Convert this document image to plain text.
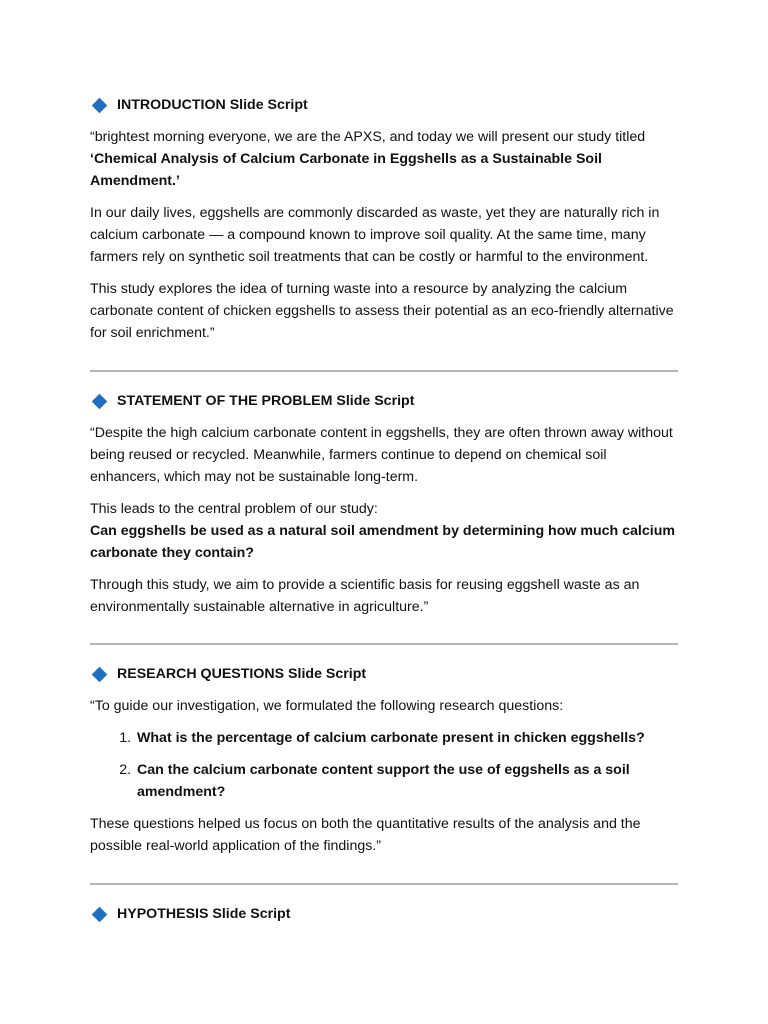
INTRODUCTION Slide Script

“brightest morning everyone, we are the APXS, and today we will present our study titled
‘Chemical Analysis of Calcium Carbonate in Eggshells as a Sustainable Soil Amendment.’

In our daily lives, eggshells are commonly discarded as waste, yet they are naturally rich in calcium carbonate — a compound known to improve soil quality. At the same time, many farmers rely on synthetic soil treatments that can be costly or harmful to the environment.

This study explores the idea of turning waste into a resource by analyzing the calcium carbonate content of chicken eggshells to assess their potential as an eco-friendly alternative for soil enrichment.”

STATEMENT OF THE PROBLEM Slide Script

“Despite the high calcium carbonate content in eggshells, they are often thrown away without being reused or recycled. Meanwhile, farmers continue to depend on chemical soil enhancers, which may not be sustainable long-term.

This leads to the central problem of our study:
Can eggshells be used as a natural soil amendment by determining how much calcium carbonate they contain?

Through this study, we aim to provide a scientific basis for reusing eggshell waste as an environmentally sustainable alternative in agriculture.”

RESEARCH QUESTIONS Slide Script

“To guide our investigation, we formulated the following research questions:

1. What is the percentage of calcium carbonate present in chicken eggshells?
2. Can the calcium carbonate content support the use of eggshells as a soil amendment?

These questions helped us focus on both the quantitative results of the analysis and the possible real-world application of the findings.”

HYPOTHESIS Slide Script
